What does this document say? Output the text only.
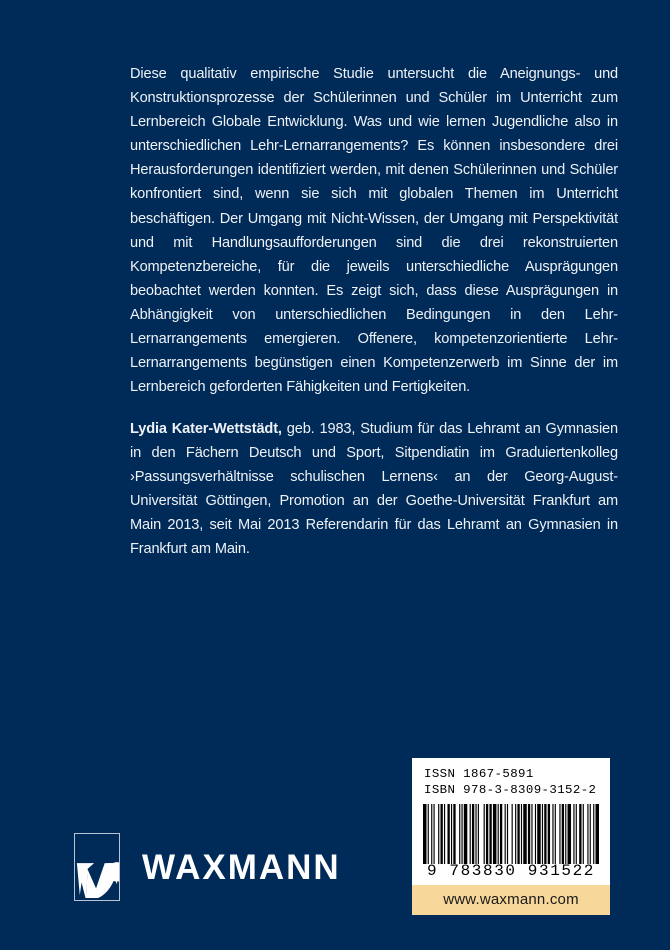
Diese qualitativ empirische Studie untersucht die Aneignungs- und Konstruktionsprozesse der Schülerinnen und Schüler im Unterricht zum Lernbereich Globale Entwicklung. Was und wie lernen Jugendliche also in unterschiedlichen Lehr-Lernarrangements? Es können insbesondere drei Herausforderungen identifiziert werden, mit denen Schülerinnen und Schüler konfrontiert sind, wenn sie sich mit globalen Themen im Unterricht beschäftigen. Der Umgang mit Nicht-Wissen, der Umgang mit Perspektivität und mit Handlungsaufforderungen sind die drei rekonstruierten Kompetenzbereiche, für die jeweils unterschiedliche Ausprägungen beobachtet werden konnten. Es zeigt sich, dass diese Ausprägungen in Abhängigkeit von unterschiedlichen Bedingungen in den Lehr-Lernarrangements emergieren. Offenere, kompetenzorientierte Lehr-Lernarrangements begünstigen einen Kompetenzerwerb im Sinne der im Lernbereich geforderten Fähigkeiten und Fertigkeiten.

Lydia Kater-Wettstädt, geb. 1983, Studium für das Lehramt an Gymnasien in den Fächern Deutsch und Sport, Sitpendiatin im Graduiertenkolleg ›Passungsverhältnisse schulischen Lernens‹ an der Georg-August-Universität Göttingen, Promotion an der Goethe-Universität Frankfurt am Main 2013, seit Mai 2013 Referendarin für das Lehramt an Gymnasien in Frankfurt am Main.

WAXMANN
ISSN 1867-5891
ISBN 978-3-8309-3152-2
9 783830 931522
www.waxmann.com
